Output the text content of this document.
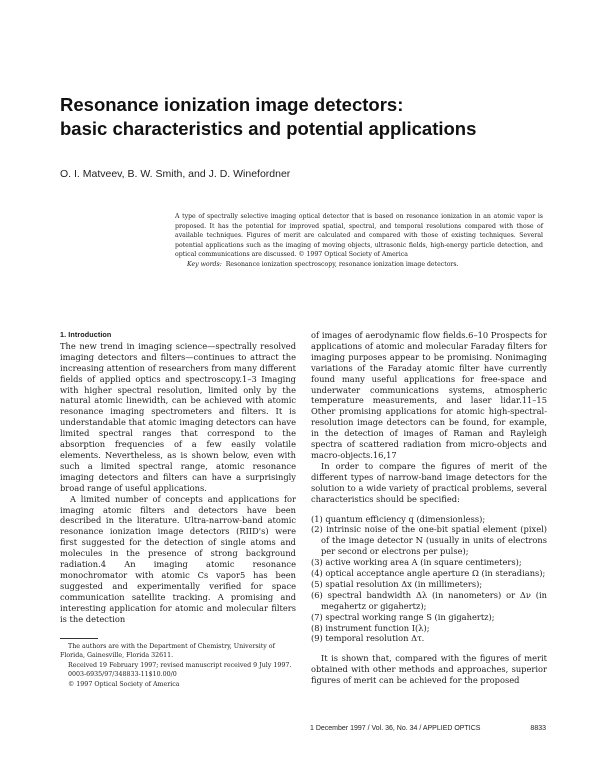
Resonance ionization image detectors:
basic characteristics and potential applications
O. I. Matveev, B. W. Smith, and J. D. Winefordner

A type of spectrally selective imaging optical detector that is based on resonance ionization in an atomic vapor is proposed. It has the potential for improved spatial, spectral, and temporal resolutions compared with those of available techniques. Figures of merit are calculated and compared with those of existing techniques. Several potential applications such as the imaging of moving objects, ultrasonic fields, high-energy particle detection, and optical communications are discussed. © 1997 Optical Society of America

Key words: Resonance ionization spectroscopy, resonance ionization image detectors.

1. Introduction

The new trend in imaging science—spectrally resolved imaging detectors and filters—continues to attract the increasing attention of researchers from many different fields of applied optics and spectroscopy.1–3 Imaging with higher spectral resolution, limited only by the natural atomic linewidth, can be achieved with atomic resonance imaging spectrometers and filters. It is understandable that atomic imaging detectors can have limited spectral ranges that correspond to the absorption frequencies of a few easily volatile elements. Nevertheless, as is shown below, even with such a limited spectral range, atomic resonance imaging detectors and filters can have a surprisingly broad range of useful applications.

A limited number of concepts and applications for imaging atomic filters and detectors have been described in the literature. Ultra-narrow-band atomic resonance ionization image detectors (RIID's) were first suggested for the detection of single atoms and molecules in the presence of strong background radiation.4 An imaging atomic resonance monochromator with atomic Cs vapor5 has been suggested and experimentally verified for space communication satellite tracking. A promising and interesting application for atomic and molecular filters is the detection

of images of aerodynamic flow fields.6–10 Prospects for applications of atomic and molecular Faraday filters for imaging purposes appear to be promising. Nonimaging variations of the Faraday atomic filter have currently found many useful applications for free-space and underwater communications systems, atmospheric temperature measurements, and laser lidar.11–15 Other promising applications for atomic high-spectral-resolution image detectors can be found, for example, in the detection of images of Raman and Rayleigh spectra of scattered radiation from micro-objects and macro-objects.16,17

In order to compare the figures of merit of the different types of narrow-band image detectors for the solution to a wide variety of practical problems, several characteristics should be specified:

(1) quantum efficiency q (dimensionless);
(2) intrinsic noise of the one-bit spatial element (pixel) of the image detector N (usually in units of electrons per second or electrons per pulse);
(3) active working area A (in square centimeters);
(4) optical acceptance angle aperture Ω (in steradians);
(5) spatial resolution Δx (in millimeters);
(6) spectral bandwidth Δλ (in nanometers) or Δν (in megahertz or gigahertz);
(7) spectral working range S (in gigahertz);
(8) instrument function I(λ);
(9) temporal resolution Δτ.

It is shown that, compared with the figures of merit obtained with other methods and approaches, superior figures of merit can be achieved for the proposed

The authors are with the Department of Chemistry, University of Florida, Gainesville, Florida 32611.

Received 19 February 1997; revised manuscript received 9 July 1997.

0003-6935/97/348833-11$10.00/0

© 1997 Optical Society of America

1 December 1997 / Vol. 36, No. 34 / APPLIED OPTICS	8833
